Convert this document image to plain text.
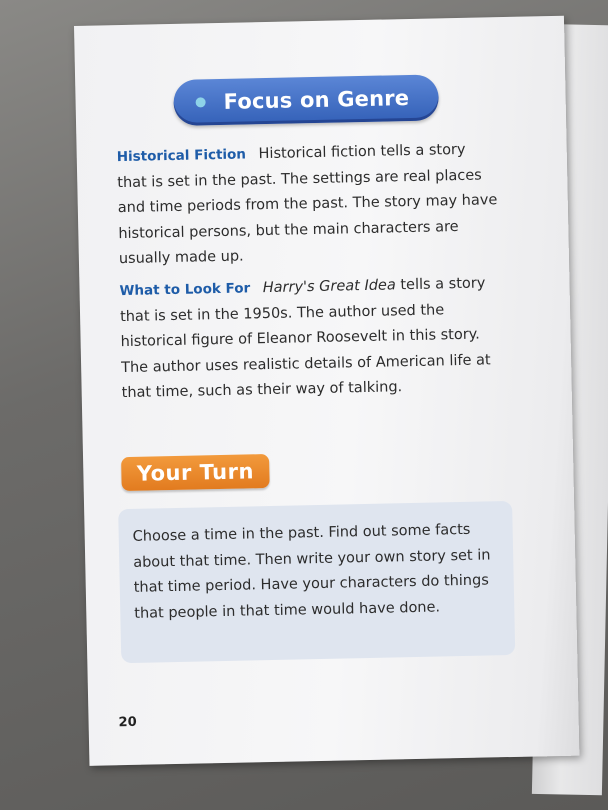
Focus on Genre
Historical Fiction Historical fiction tells a story that is set in the past. The settings are real places and time periods from the past. The story may have historical persons, but the main characters are usually made up.
What to Look For Harry's Great Idea tells a story that is set in the 1950s. The author used the historical figure of Eleanor Roosevelt in this story. The author uses realistic details of American life at that time, such as their way of talking.
Your Turn
Choose a time in the past. Find out some facts about that time. Then write your own story set in that time period. Have your characters do things that people in that time would have done.
20
